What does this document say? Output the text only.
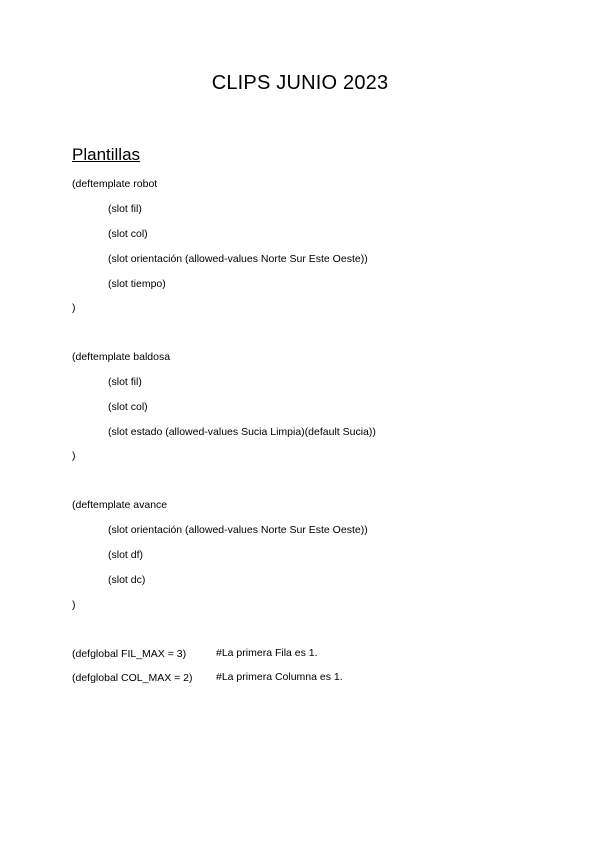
CLIPS JUNIO 2023
Plantillas
(deftemplate robot
(slot fil)
(slot col)
(slot orientación (allowed-values Norte Sur Este Oeste))
(slot tiempo)
)
(deftemplate baldosa
(slot fil)
(slot col)
(slot estado (allowed-values Sucia Limpia)(default Sucia))
)
(deftemplate avance
(slot orientación (allowed-values Norte Sur Este Oeste))
(slot df)
(slot dc)
)
(defglobal FIL_MAX = 3)	#La primera Fila es 1.
(defglobal COL_MAX = 2) #La primera Columna es 1.
